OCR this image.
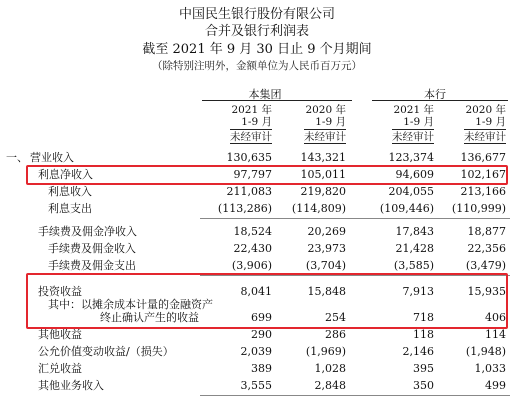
中国民生银行股份有限公司
合并及银行利润表
截至 2021 年 9 月 30 日止 9 个月期间
（除特别注明外，金额单位为人民币百万元）
本集团	本行
2021 年
1-9 月
未经审计
2020 年
1-9 月
未经审计
2021 年
1-9 月
未经审计
2020 年
1-9 月
未经审计
一、 营业收入	130,635	143,321	123,374 136,677
利息净收入	97,797	105,011	94,609 102,167
利息收入	211,083	219,820	204,055 213,166
利息支出	(113,286) (114,809)	(109,446) (110,999)
手续费及佣金净收入	18,524	20,269	17,843	18,877
手续费及佣金收入	22,430	23,973	21,428	22,356
手续费及佣金支出	(3,906)	(3,704)	(3,585)	(3,479)
投资收益	8,041	15,848	7,913	15,935
其中：以摊余成本计量的金融资产
终止确认产生的收益	699	254	718	406
其他收益	290	286	118	114
公允价值变动收益/（损失）	2,039	(1,969)	2,146	(1,948)
汇兑收益	389	1,028	395	1,033
其他业务收入	3,555	2,848	350	499
